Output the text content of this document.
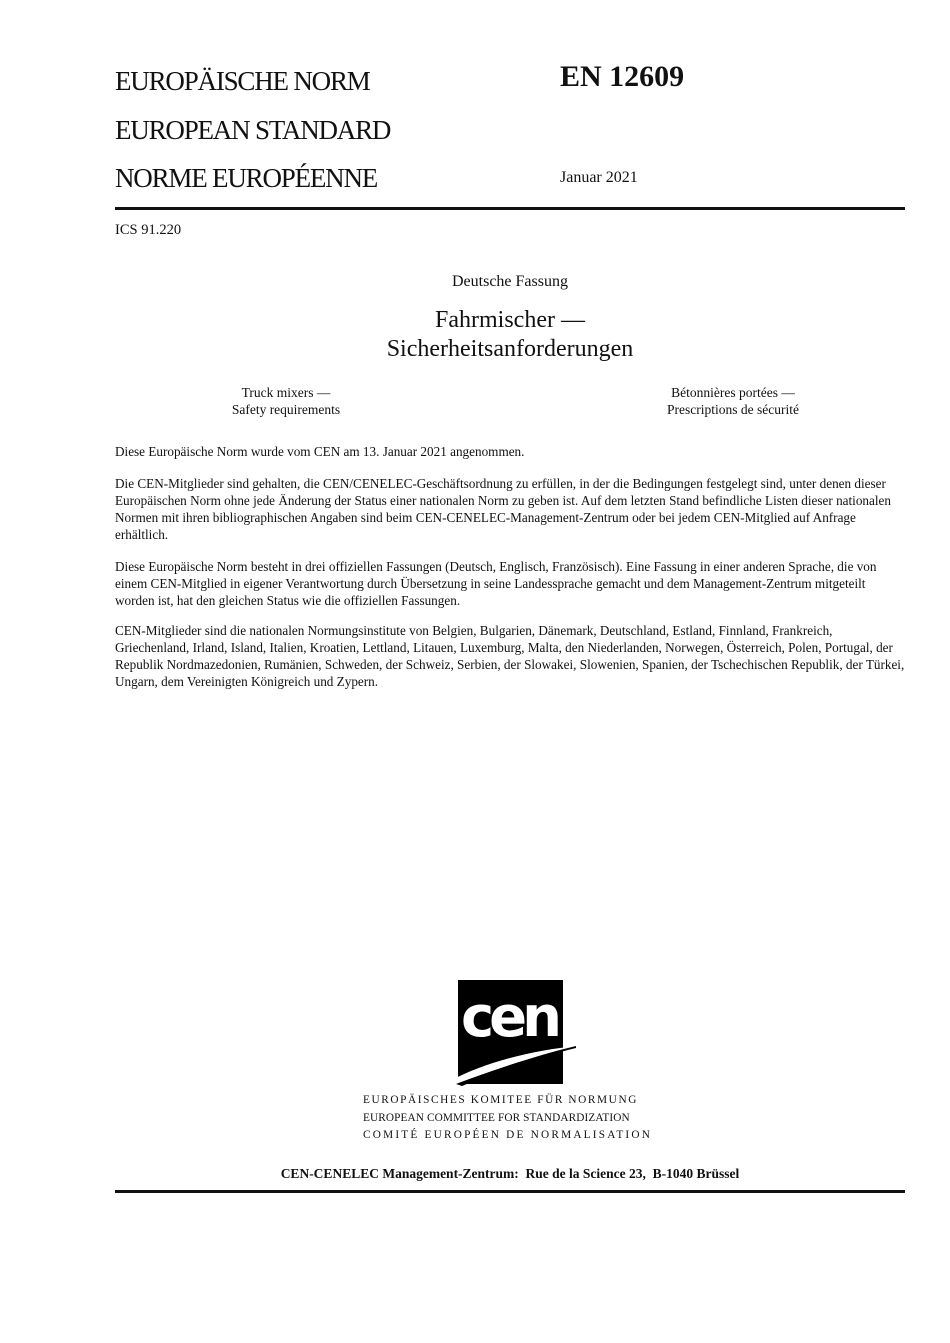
EUROPÄISCHE NORM
EUROPEAN STANDARD
NORME EUROPÉENNE
EN 12609
Januar 2021
ICS 91.220
Deutsche Fassung
Fahrmischer —
Sicherheitsanforderungen
Truck mixers —
Safety requirements
Bétonnières portées —
Prescriptions de sécurité
Diese Europäische Norm wurde vom CEN am 13. Januar 2021 angenommen.
Die CEN-Mitglieder sind gehalten, die CEN/CENELEC-Geschäftsordnung zu erfüllen, in der die Bedingungen festgelegt sind, unter denen dieser Europäischen Norm ohne jede Änderung der Status einer nationalen Norm zu geben ist. Auf dem letzten Stand befindliche Listen dieser nationalen Normen mit ihren bibliographischen Angaben sind beim CEN-CENELEC-Management-Zentrum oder bei jedem CEN-Mitglied auf Anfrage erhältlich.
Diese Europäische Norm besteht in drei offiziellen Fassungen (Deutsch, Englisch, Französisch). Eine Fassung in einer anderen Sprache, die von einem CEN-Mitglied in eigener Verantwortung durch Übersetzung in seine Landessprache gemacht und dem Management-Zentrum mitgeteilt worden ist, hat den gleichen Status wie die offiziellen Fassungen.
CEN-Mitglieder sind die nationalen Normungsinstitute von Belgien, Bulgarien, Dänemark, Deutschland, Estland, Finnland, Frankreich, Griechenland, Irland, Island, Italien, Kroatien, Lettland, Litauen, Luxemburg, Malta, den Niederlanden, Norwegen, Österreich, Polen, Portugal, der Republik Nordmazedonien, Rumänien, Schweden, der Schweiz, Serbien, der Slowakei, Slowenien, Spanien, der Tschechischen Republik, der Türkei, Ungarn, dem Vereinigten Königreich und Zypern.
cen
EUROPÄISCHES KOMITEE FÜR NORMUNG
EUROPEAN COMMITTEE FOR STANDARDIZATION
COMITÉ EUROPÉEN DE NORMALISATION
CEN-CENELEC Management-Zentrum:  Rue de la Science 23,  B-1040 Brüssel
